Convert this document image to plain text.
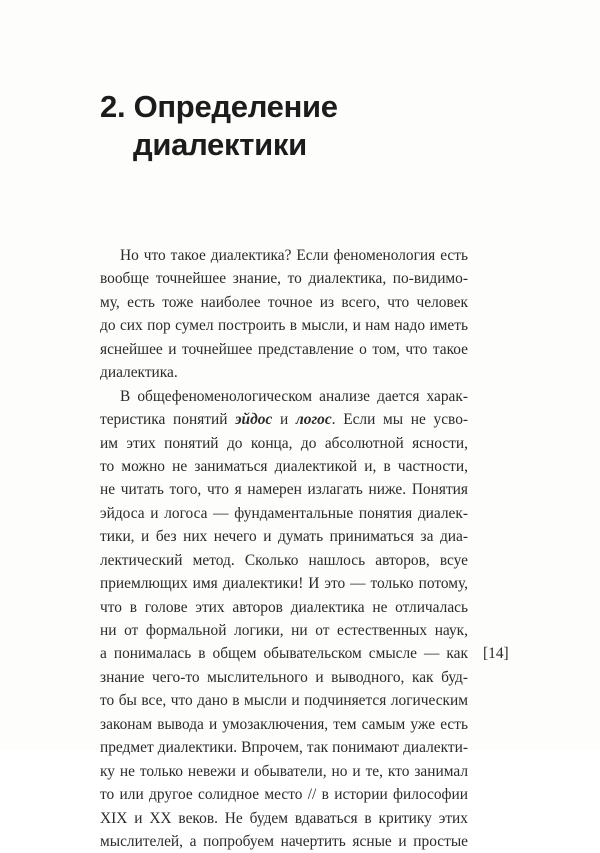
2. Определение
диалектики
Но что такое диалектика? Если феноменология есть
вообще точнейшее знание, то диалектика, по-видимо-
му, есть тоже наиболее точное из всего, что человек
до сих пор сумел построить в мысли, и нам надо иметь
яснейшее и точнейшее представление о том, что такое
диалектика.
В общефеноменологическом анализе дается харак-
теристика понятий эйдос и логос. Если мы не усво-
им этих понятий до конца, до абсолютной ясности,
то можно не заниматься диалектикой и, в частности,
не читать того, что я намерен излагать ниже. Понятия
эйдоса и логоса — фундаментальные понятия диалек-
тики, и без них нечего и думать приниматься за диа-
лектический метод. Сколько нашлось авторов, всуе
приемлющих имя диалектики! И это — только потому,
что в голове этих авторов диалектика не отличалась
ни от формальной логики, ни от естественных наук,
а понималась в общем обывательском смысле — как
знание чего-то мыслительного и выводного, как буд-
то бы все, что дано в мысли и подчиняется логическим
законам вывода и умозаключения, тем самым уже есть
предмет диалектики. Впрочем, так понимают диалекти-
ку не только невежи и обыватели, но и те, кто занимал
то или другое солидное место // в истории философии
XIX и XX веков. Не будем вдаваться в критику этих
мыслителей, а попробуем начертить ясные и простые
[14]
